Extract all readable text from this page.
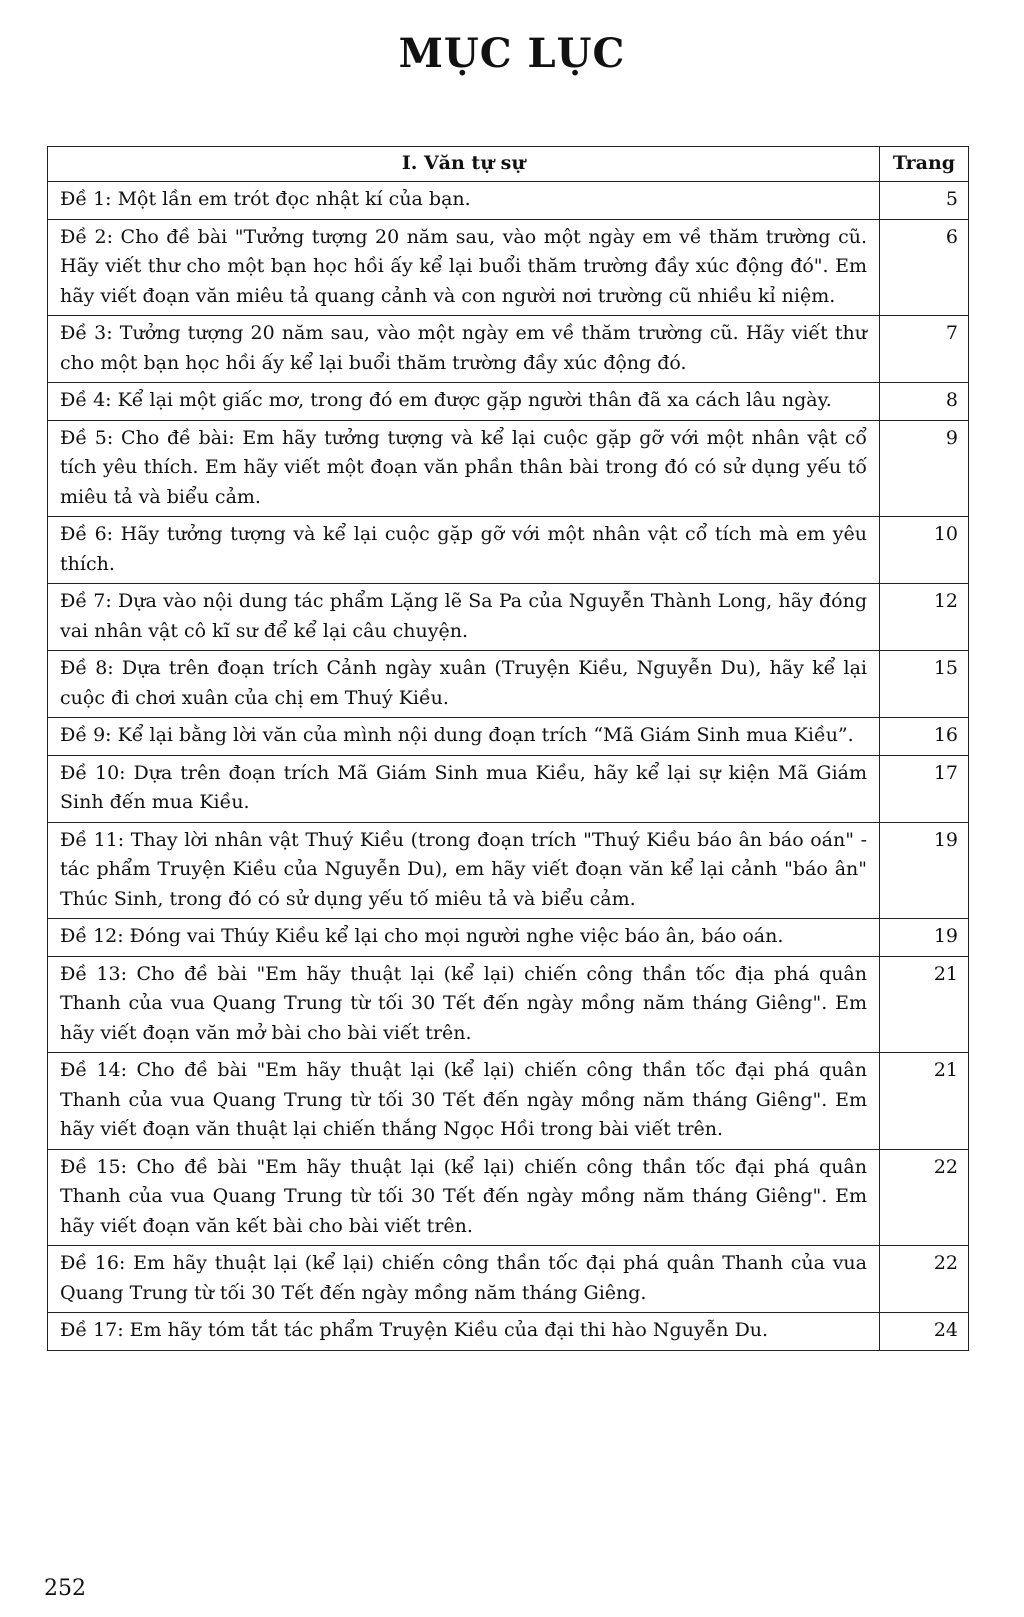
MỤC LỤC
I. Văn tự sự	Trang
Đề 1: Một lần em trót đọc nhật kí của bạn.	5
Đề 2: Cho đề bài "Tưởng tượng 20 năm sau, vào một ngày em về thăm trường cũ. Hãy viết thư cho một bạn học hồi ấy kể lại buổi thăm trường đầy xúc động đó". Em hãy viết đoạn văn miêu tả quang cảnh và con người nơi trường cũ nhiều kỉ niệm.	6
Đề 3: Tưởng tượng 20 năm sau, vào một ngày em về thăm trường cũ. Hãy viết thư cho một bạn học hồi ấy kể lại buổi thăm trường đầy xúc động đó.	7
Đề 4: Kể lại một giấc mơ, trong đó em được gặp người thân đã xa cách lâu ngày.	8
Đề 5: Cho đề bài: Em hãy tưởng tượng và kể lại cuộc gặp gỡ với một nhân vật cổ tích yêu thích. Em hãy viết một đoạn văn phần thân bài trong đó có sử dụng yếu tố miêu tả và biểu cảm.	9
Đề 6: Hãy tưởng tượng và kể lại cuộc gặp gỡ với một nhân vật cổ tích mà em yêu thích.	10
Đề 7: Dựa vào nội dung tác phẩm Lặng lẽ Sa Pa của Nguyễn Thành Long, hãy đóng vai nhân vật cô kĩ sư để kể lại câu chuyện.	12
Đề 8: Dựa trên đoạn trích Cảnh ngày xuân (Truyện Kiều, Nguyễn Du), hãy kể lại cuộc đi chơi xuân của chị em Thuý Kiều.	15
Đề 9: Kể lại bằng lời văn của mình nội dung đoạn trích “Mã Giám Sinh mua Kiều”.	16
Đề 10: Dựa trên đoạn trích Mã Giám Sinh mua Kiều, hãy kể lại sự kiện Mã Giám Sinh đến mua Kiều.	17
Đề 11: Thay lời nhân vật Thuý Kiều (trong đoạn trích "Thuý Kiều báo ân báo oán" - tác phẩm Truyện Kiều của Nguyễn Du), em hãy viết đoạn văn kể lại cảnh "báo ân" Thúc Sinh, trong đó có sử dụng yếu tố miêu tả và biểu cảm.	19
Đề 12: Đóng vai Thúy Kiều kể lại cho mọi người nghe việc báo ân, báo oán.	19
Đề 13: Cho đề bài "Em hãy thuật lại (kể lại) chiến công thần tốc địa phá quân Thanh của vua Quang Trung từ tối 30 Tết đến ngày mồng năm tháng Giêng". Em hãy viết đoạn văn mở bài cho bài viết trên.	21
Đề 14: Cho đề bài "Em hãy thuật lại (kể lại) chiến công thần tốc đại phá quân Thanh của vua Quang Trung từ tối 30 Tết đến ngày mồng năm tháng Giêng". Em hãy viết đoạn văn thuật lại chiến thắng Ngọc Hồi trong bài viết trên.	21
Đề 15: Cho đề bài "Em hãy thuật lại (kể lại) chiến công thần tốc đại phá quân Thanh của vua Quang Trung từ tối 30 Tết đến ngày mồng năm tháng Giêng". Em hãy viết đoạn văn kết bài cho bài viết trên.	22
Đề 16: Em hãy thuật lại (kể lại) chiến công thần tốc đại phá quân Thanh của vua Quang Trung từ tối 30 Tết đến ngày mồng năm tháng Giêng.	22
Đề 17: Em hãy tóm tắt tác phẩm Truyện Kiều của đại thi hào Nguyễn Du.	24
252
